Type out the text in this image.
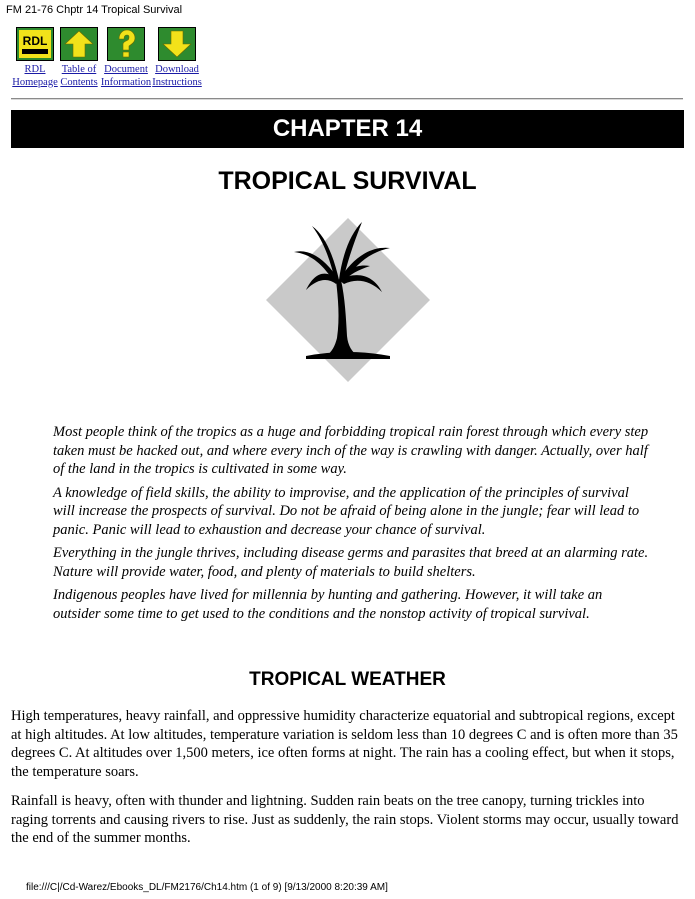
FM 21-76 Chptr 14 Tropical Survival
RDL
RDL
Homepage
Table of
Contents
Document
Information
Download
Instructions
CHAPTER 14
TROPICAL SURVIVAL

Most people think of the tropics as a huge and forbidding tropical rain forest through which every step taken must be hacked out, and where every inch of the way is crawling with danger. Actually, over half of the land in the tropics is cultivated in some way.

A knowledge of field skills, the ability to improvise, and the application of the principles of survival will increase the prospects of survival. Do not be afraid of being alone in the jungle; fear will lead to panic. Panic will lead to exhaustion and decrease your chance of survival.

Everything in the jungle thrives, including disease germs and parasites that breed at an alarming rate. Nature will provide water, food, and plenty of materials to build shelters.

Indigenous peoples have lived for millennia by hunting and gathering. However, it will take an outsider some time to get used to the conditions and the nonstop activity of tropical survival.

TROPICAL WEATHER

High temperatures, heavy rainfall, and oppressive humidity characterize equatorial and subtropical regions, except at high altitudes. At low altitudes, temperature variation is seldom less than 10 degrees C and is often more than 35 degrees C. At altitudes over 1,500 meters, ice often forms at night. The rain has a cooling effect, but when it stops, the temperature soars.

Rainfall is heavy, often with thunder and lightning. Sudden rain beats on the tree canopy, turning trickles into raging torrents and causing rivers to rise. Just as suddenly, the rain stops. Violent storms may occur, usually toward the end of the summer months.

file:///C|/Cd-Warez/Ebooks_DL/FM2176/Ch14.htm (1 of 9) [9/13/2000 8:20:39 AM]
